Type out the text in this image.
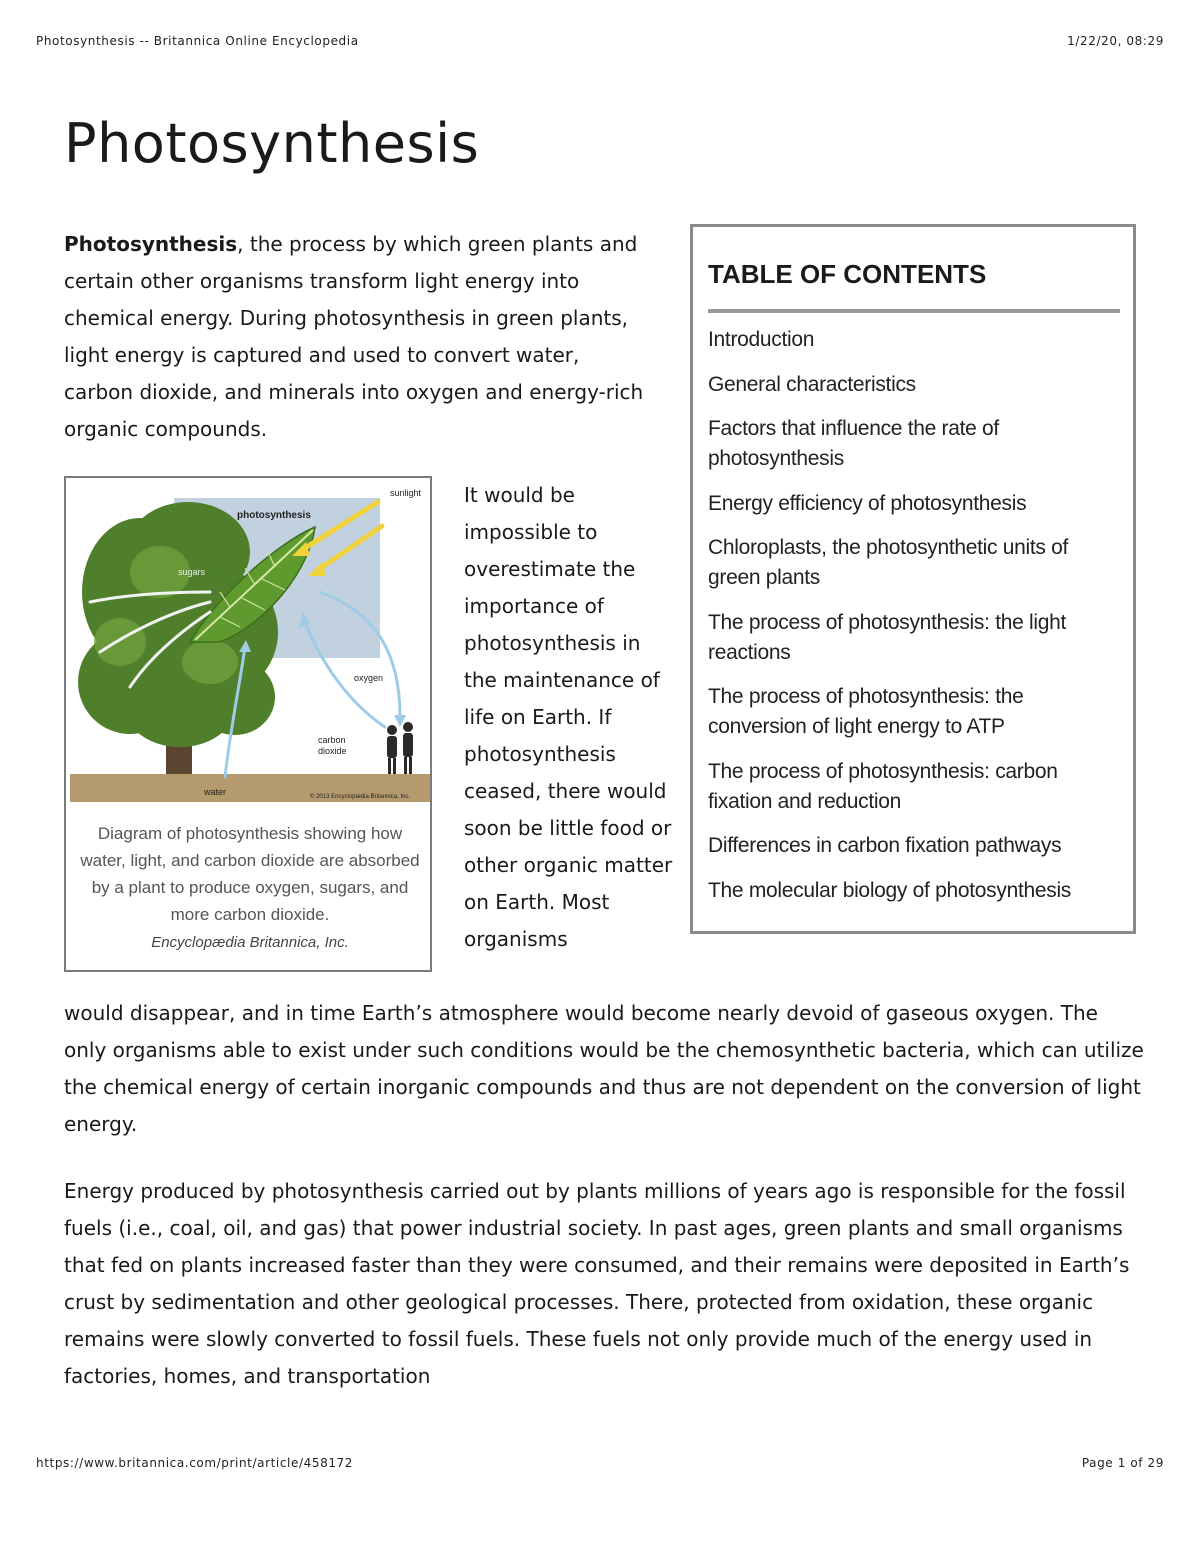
Photosynthesis -- Britannica Online Encyclopedia	1/22/20, 08:29
Photosynthesis

Photosynthesis, the process by which green plants and certain other organisms transform light energy into chemical energy. During photosynthesis in green plants, light energy is captured and used to convert water, carbon dioxide, and minerals into oxygen and energy-rich organic compounds.

photosynthesis
sunlight
sugars
oxygen
carbon
dioxide
water	© 2013 Encyclopædia Britannica, Inc.
Diagram of photosynthesis showing how water, light, and carbon dioxide are absorbed by a plant to produce oxygen, sugars, and more carbon dioxide.
Encyclopædia Britannica, Inc.

It would be impossible to overestimate the importance of photosynthesis in the maintenance of life on Earth. If photosynthesis ceased, there would soon be little food or other organic matter on Earth. Most organisms

TABLE OF CONTENTS
Introduction
General characteristics
Factors that influence the rate of photosynthesis
Energy efficiency of photosynthesis
Chloroplasts, the photosynthetic units of green plants
The process of photosynthesis: the light reactions
The process of photosynthesis: the conversion of light energy to ATP
The process of photosynthesis: carbon fixation and reduction
Differences in carbon fixation pathways
The molecular biology of photosynthesis

would disappear, and in time Earth’s atmosphere would become nearly devoid of gaseous oxygen. The only organisms able to exist under such conditions would be the chemosynthetic bacteria, which can utilize the chemical energy of certain inorganic compounds and thus are not dependent on the conversion of light energy.

Energy produced by photosynthesis carried out by plants millions of years ago is responsible for the fossil fuels (i.e., coal, oil, and gas) that power industrial society. In past ages, green plants and small organisms that fed on plants increased faster than they were consumed, and their remains were deposited in Earth’s crust by sedimentation and other geological processes. There, protected from oxidation, these organic remains were slowly converted to fossil fuels. These fuels not only provide much of the energy used in factories, homes, and transportation

https://www.britannica.com/print/article/458172	Page 1 of 29
